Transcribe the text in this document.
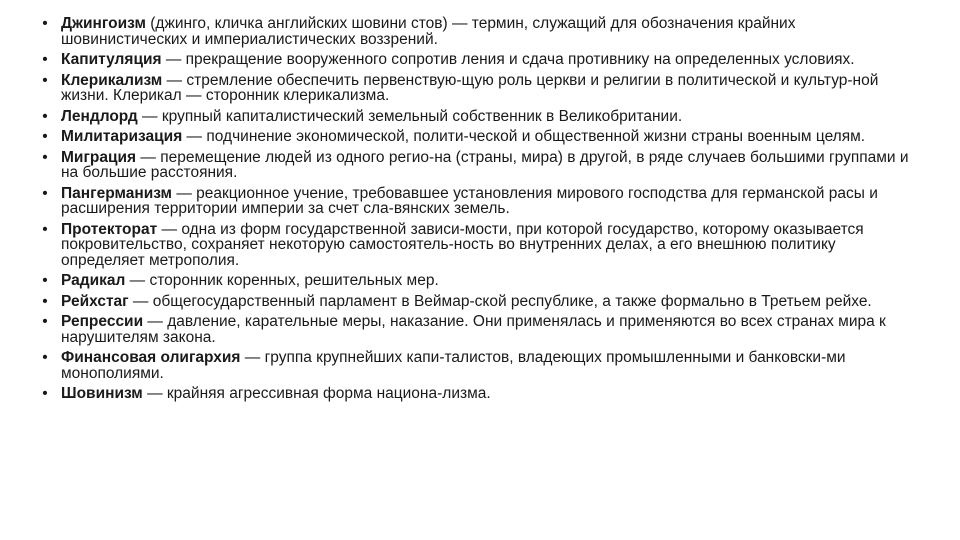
• Джингоизм (джинго, кличка английских шовини стов) — термин, служащий для обозначения крайних шовинистических и империалистических воззрений.
• Капитуляция — прекращение вооруженного сопротив ления и сдача противнику на определенных условиях.
• Клерикализм — стремление обеспечить первенствую-щую роль церкви и религии в политической и культур-ной жизни. Клерикал — сторонник клерикализма.
• Лендлорд — крупный капиталистический земельный собственник в Великобритании.
• Милитаризация — подчинение экономической, полити-ческой и общественной жизни страны военным целям.
• Миграция — перемещение людей из одного регио-на (страны, мира) в другой, в ряде случаев большими группами и на большие расстояния.
• Пангерманизм — реакционное учение, требовавшее установления мирового господства для германской расы и расширения территории империи за счет сла-вянских земель.
• Протекторат — одна из форм государственной зависи-мости, при которой государство, которому оказывается покровительство, сохраняет некоторую самостоятель-ность во внутренних делах, а его внешнюю политику определяет метрополия.
• Радикал — сторонник коренных, решительных мер.
• Рейхстаг — общегосударственный парламент в Веймар-ской республике, а также формально в Третьем рейхе.
• Репрессии — давление, карательные меры, наказание. Они применялась и применяются во всех странах мира к нарушителям закона.
• Финансовая олигархия — группа крупнейших капи-талистов, владеющих промышленными и банковски-ми монополиями.
• Шовинизм — крайняя агрессивная форма национа-лизма.
